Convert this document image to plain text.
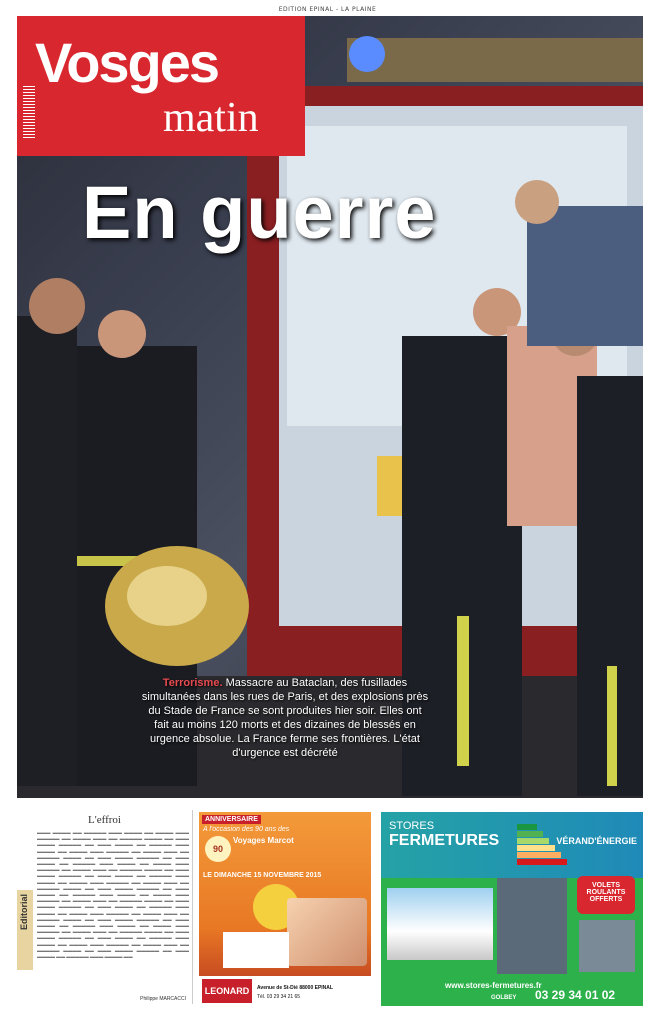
EDITION EPINAL - LA PLAINE
Vosges
matin
En guerre
Terrorisme. Massacre au Bataclan, des fusillades simultanées dans les rues de Paris, et des explosions près du Stade de France se sont produites hier soir. Elles ont fait au moins 120 morts et des dizaines de blessés en urgence absolue. La France ferme ses frontières. L'état d'urgence est décrété
L'effroi
Editorial
▬▬▬ ▬▬▬▬ ▬▬ ▬▬▬▬▬ ▬▬▬ ▬▬▬▬ ▬▬ ▬▬▬▬ ▬▬▬ ▬▬▬▬▬ ▬▬ ▬▬▬▬ ▬▬▬ ▬▬ ▬▬▬▬▬ ▬▬▬▬ ▬▬ ▬▬▬ ▬▬▬▬ ▬▬▬▬▬ ▬▬ ▬▬▬ ▬▬▬▬ ▬▬ ▬▬▬▬▬ ▬▬▬ ▬▬▬▬ ▬▬ ▬▬▬▬ ▬▬▬ ▬▬▬▬▬ ▬▬ ▬▬▬▬ ▬▬▬ ▬▬ ▬▬▬▬▬ ▬▬▬▬ ▬▬ ▬▬▬ ▬▬▬▬ ▬▬▬▬▬ ▬▬ ▬▬▬ ▬▬▬▬ ▬▬ ▬▬▬▬▬ ▬▬▬ ▬▬▬▬ ▬▬ ▬▬▬▬ ▬▬▬ ▬▬▬▬▬ ▬▬ ▬▬▬▬ ▬▬▬ ▬▬ ▬▬▬▬▬ ▬▬▬▬ ▬▬ ▬▬▬ ▬▬▬▬ ▬▬▬▬▬ ▬▬ ▬▬▬ ▬▬▬▬ ▬▬ ▬▬▬▬▬ ▬▬▬ ▬▬▬▬ ▬▬ ▬▬▬▬ ▬▬▬ ▬▬▬▬▬ ▬▬ ▬▬▬▬ ▬▬▬ ▬▬ ▬▬▬▬▬ ▬▬▬▬ ▬▬ ▬▬▬ ▬▬▬▬ ▬▬▬▬▬ ▬▬ ▬▬▬ ▬▬▬▬ ▬▬ ▬▬▬▬▬ ▬▬▬ ▬▬▬▬ ▬▬ ▬▬▬▬ ▬▬▬ ▬▬▬▬▬ ▬▬ ▬▬▬▬ ▬▬▬ ▬▬ ▬▬▬▬▬ ▬▬▬▬ ▬▬ ▬▬▬ ▬▬▬▬ ▬▬▬▬▬ ▬▬ ▬▬▬ ▬▬▬▬ ▬▬ ▬▬▬▬▬ ▬▬▬ ▬▬▬▬ ▬▬ ▬▬▬▬ ▬▬▬ ▬▬▬▬▬ ▬▬ ▬▬▬▬ ▬▬▬ ▬▬ ▬▬▬▬▬ ▬▬▬▬ ▬▬ ▬▬▬ ▬▬▬▬ ▬▬▬▬▬ ▬▬ ▬▬▬ ▬▬▬▬ ▬▬ ▬▬▬▬▬ ▬▬▬ ▬▬▬▬ ▬▬ ▬▬▬▬ ▬▬▬ ▬▬▬▬▬ ▬▬ ▬▬▬▬ ▬▬▬ ▬▬ ▬▬▬▬▬ ▬▬▬▬ ▬▬ ▬▬▬ ▬▬▬▬ ▬▬▬▬▬ ▬▬ ▬▬▬ ▬▬▬▬ ▬▬ ▬▬▬▬▬ ▬▬▬ ▬▬▬▬ ▬▬ ▬▬▬▬ ▬▬▬ ▬▬▬▬▬ ▬▬ ▬▬▬▬ ▬▬▬ ▬▬ ▬▬▬▬▬ ▬▬▬▬ ▬▬ ▬▬▬ ▬▬▬▬ ▬▬▬▬▬ ▬▬ ▬▬▬ ▬▬▬▬ ▬▬ ▬▬▬▬▬ ▬▬▬ ▬▬▬▬ ▬▬
Philippe MARCACCI
ANNIVERSAIRE
A l'occasion des 90 ans des
90
Voyages Marcot
LE DIMANCHE 15 NOVEMBRE 2015
LEONARD	Avenue de St-Dié 88000 EPINAL
Tél. 03 29 34 21 65
STORES
FERMETURES	VÉRAND'ÉNERGIE
VOLETS ROULANTS OFFERTS
www.stores-fermetures.fr
GOLBEY 03 29 34 01 02
